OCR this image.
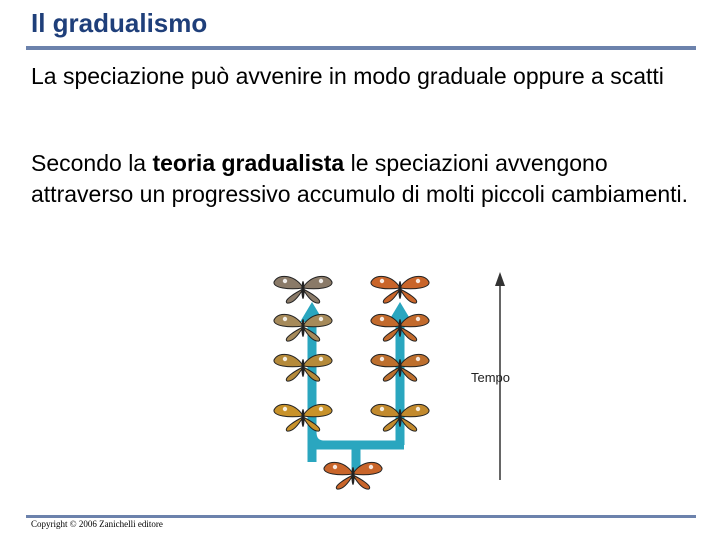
Il gradualismo
La speciazione può avvenire in modo graduale oppure a scatti
Secondo la teoria gradualista le speciazioni avvengono attraverso un progressivo accumulo di molti piccoli cambiamenti.
Tempo
Copyright © 2006 Zanichelli editore
